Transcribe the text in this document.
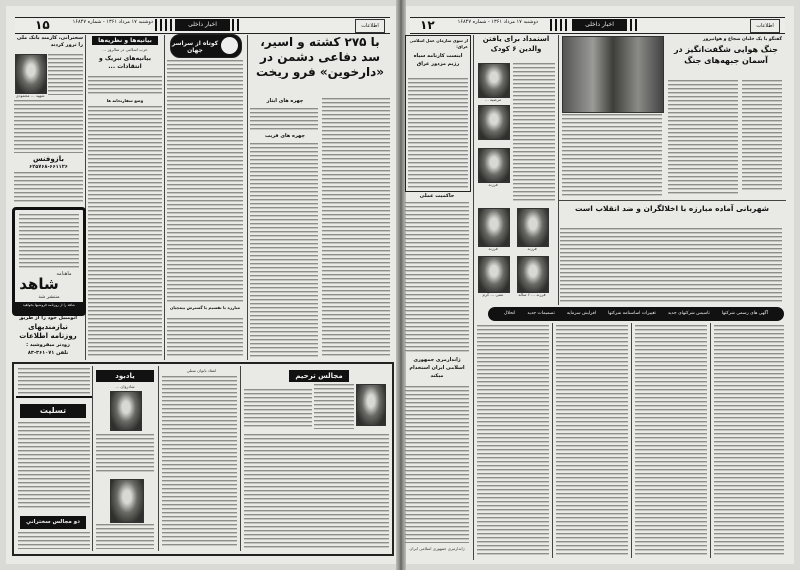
۱۵	دوشنبه ۱۷ مرداد ۱۳۶۱ - شماره ۱۶۸۴۷	اخبار داخلی	اطلاعات
با ۲۷۵ کشته و اسیر، سد دفاعی دشمن در «دارخوین» فرو ریخت
چهره های ایثار
چهره های فریب
کوتاه از سراسر جهان
مبارزه با تقسیم یا گسترش بیمچیان
بیانیه‌ها و نظریه‌ها
حزب اسلامی در سالروز ...
بیانیه‌های تبریک و انتقادات ...
وضع سفارتخانه ها
سخنرانی، کارمند بانک ملی را ترور کردند
شهید ... محمودی
بازوفنس
۶۲۵۷۶۸-۶۶۱۱۲۶
ماهنامه
شاهد
منتشر شد
شاهد را از روزنامه فروشیها بخواهید
اتومبیل خود را از طریق
نیازمندیهای
روزنامه اطلاعات
زودتر میفروشید :
تلفن ۳۶۱۰۷۱-۸۳
مجالس ترحیم
انتقاد بانوان ستلی
یادبود
شادروان ...
تسلیت
دو مجالس سختراني
۱۲	دوشنبه ۱۷ مرداد ۱۳۶۱ - شماره ۱۶۸۴۷	اخبار داخلی	اطلاعات
گفتگو با یک خلبان شجاع و هوانیروز
جنگ هوایی شگفت‌انگیز در آسمان جبهه‌های جنگ
استمداد برای یافتن والدین ۶ کودک
مرضیه ...
فرزند
فرزند	فرزند
عمی ... کرم	فرزند ... ۶ ساله
از سوی سازمان عمل اسلامی عراق:
اینست کارنامه سیاه رژیم مزدور عراق
حاکمیت عملی
ژاندارمری جمهوری اسلامی ایران استخدام میکند
ژاندارمری جمهوری اسلامی ایران
شهربانی آماده مبارزه با اخلالگران و ضد انقلاب است
آگهی های رسمی شرکتها
تاسیس شرکتهای جدید
تغییرات اساسنامه شرکتها
افزایش سرمایه
تصمیمات جدید
انحلال
